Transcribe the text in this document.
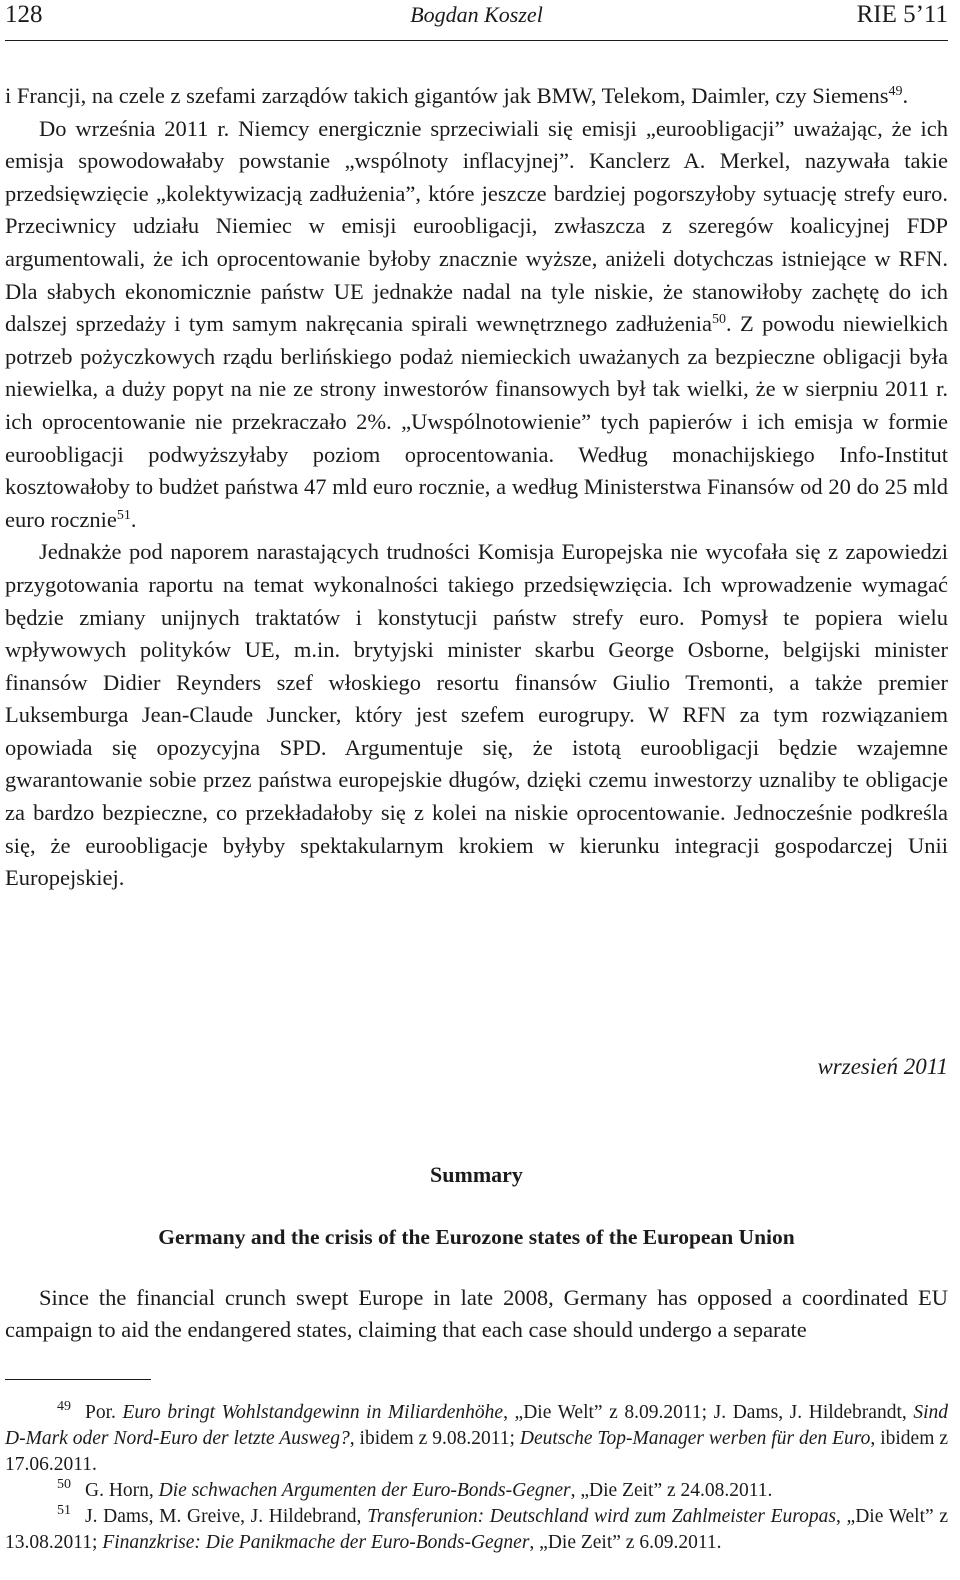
128	Bogdan Koszel	RIE 5’11

i Francji, na czele z szefami zarządów takich gigantów jak BMW, Telekom, Daimler, czy Siemens$^{49}$.

Do września 2011 r. Niemcy energicznie sprzeciwiali się emisji „euroobligacji” uważając, że ich emisja spowodowałaby powstanie „wspólnoty inflacyjnej”. Kanclerz A. Merkel, nazywała takie przedsięwzięcie „kolektywizacją zadłużenia”, które jeszcze bardziej pogorszyłoby sytuację strefy euro. Przeciwnicy udziału Niemiec w emisji euroobligacji, zwłaszcza z szeregów koalicyjnej FDP argumentowali, że ich oprocentowanie byłoby znacznie wyższe, aniżeli dotychczas istniejące w RFN. Dla słabych ekonomicznie państw UE jednakże nadal na tyle niskie, że stanowiłoby zachętę do ich dalszej sprzedaży i tym samym nakręcania spirali wewnętrznego zadłużenia$^{50}$. Z powodu niewielkich potrzeb pożyczkowych rządu berlińskiego podaż niemieckich uważanych za bezpieczne obligacji była niewielka, a duży popyt na nie ze strony inwestorów finansowych był tak wielki, że w sierpniu 2011 r. ich oprocentowanie nie przekraczało 2%. „Uwspólnotowienie” tych papierów i ich emisja w formie euroobligacji podwyższyłaby poziom oprocentowania. Według monachijskiego Info-Institut kosztowałoby to budżet państwa 47 mld euro rocznie, a według Ministerstwa Finansów od 20 do 25 mld euro rocznie$^{51}$.

Jednakże pod naporem narastających trudności Komisja Europejska nie wycofała się z zapowiedzi przygotowania raportu na temat wykonalności takiego przedsięwzięcia. Ich wprowadzenie wymagać będzie zmiany unijnych traktatów i konstytucji państw strefy euro. Pomysł te popiera wielu wpływowych polityków UE, m.in. brytyjski minister skarbu George Osborne, belgijski minister finansów Didier Reynders szef włoskiego resortu finansów Giulio Tremonti, a także premier Luksemburga Jean-Claude Juncker, który jest szefem eurogrupy. W RFN za tym rozwiązaniem opowiada się opozycyjna SPD. Argumentuje się, że istotą euroobligacji będzie wzajemne gwarantowanie sobie przez państwa europejskie długów, dzięki czemu inwestorzy uznaliby te obligacje za bardzo bezpieczne, co przekładałoby się z kolei na niskie oprocentowanie. Jednocześnie podkreśla się, że euroobligacje byłyby spektakularnym krokiem w kierunku integracji gospodarczej Unii Europejskiej.

wrzesień 2011
Summary
Germany and the crisis of the Eurozone states of the European Union

Since the financial crunch swept Europe in late 2008, Germany has opposed a coordinated EU campaign to aid the endangered states, claiming that each case should undergo a separate

49 Por. Euro bringt Wohlstandgewinn in Miliardenhöhe, „Die Welt” z 8.09.2011; J. Dams, J. Hildebrandt, Sind D-Mark oder Nord-Euro der letzte Ausweg?, ibidem z 9.08.2011; Deutsche Top-Manager werben für den Euro, ibidem z 17.06.2011.

50 G. Horn, Die schwachen Argumenten der Euro-Bonds-Gegner, „Die Zeit” z 24.08.2011.

51 J. Dams, M. Greive, J. Hildebrand, Transferunion: Deutschland wird zum Zahlmeister Europas, „Die Welt” z 13.08.2011; Finanzkrise: Die Panikmache der Euro-Bonds-Gegner, „Die Zeit” z 6.09.2011.
